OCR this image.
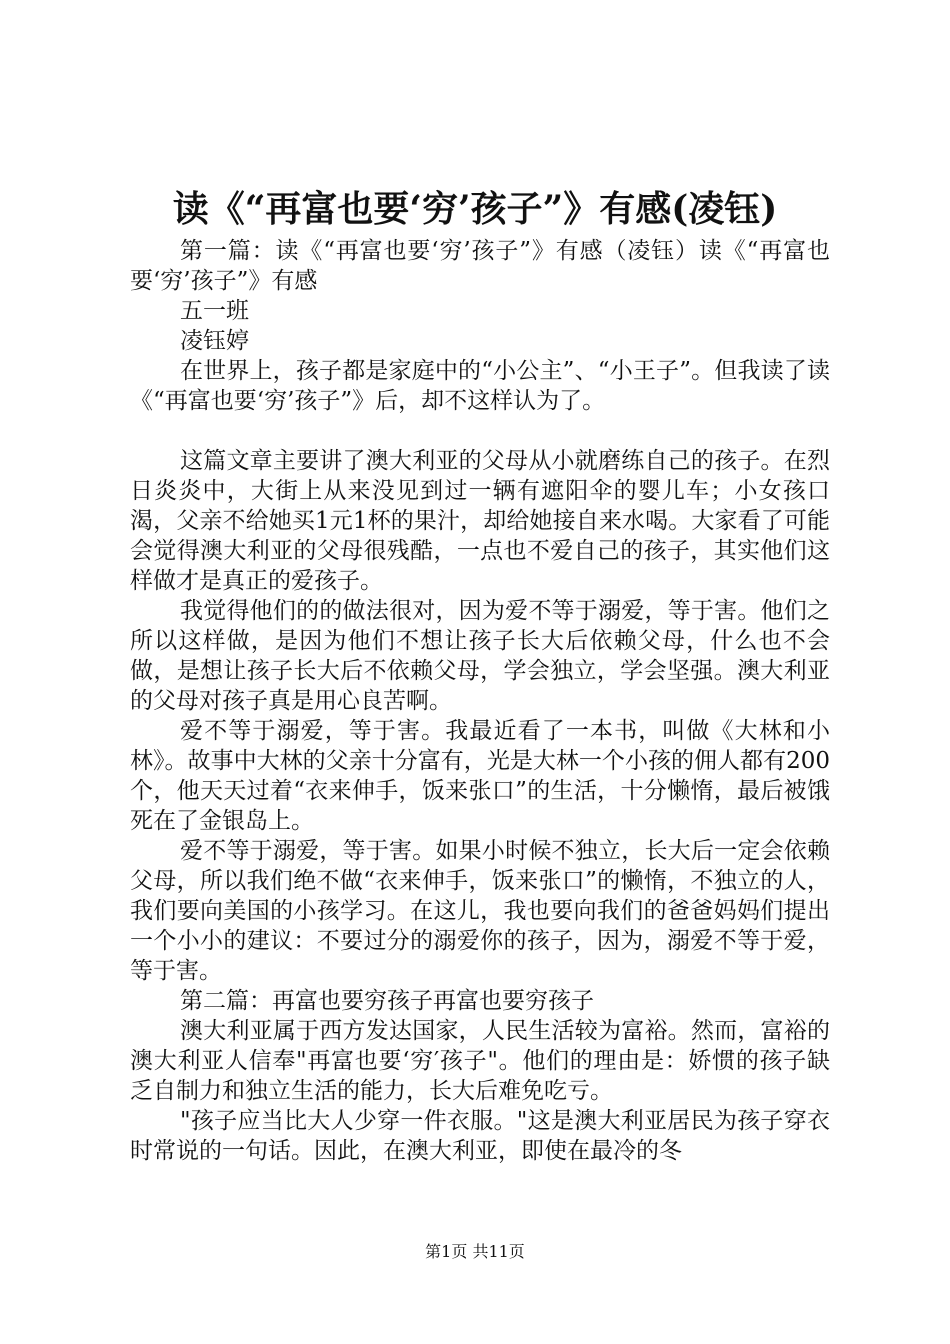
读《“再富也要‘穷’孩子”》有感(凌钰)

第一篇：读《“再富也要‘穷’孩子”》有感（凌钰）读《“再富也要‘穷’孩子”》有感

五一班

凌钰婷

在世界上，孩子都是家庭中的“小公主”、“小王子”。但我读了读《“再富也要‘穷’孩子”》后，却不这样认为了。

这篇文章主要讲了澳大利亚的父母从小就磨练自己的孩子。在烈日炎炎中，大街上从来没见到过一辆有遮阳伞的婴儿车；小女孩口渴，父亲不给她买1元1杯的果汁，却给她接自来水喝。大家看了可能会觉得澳大利亚的父母很残酷，一点也不爱自己的孩子，其实他们这样做才是真正的爱孩子。

我觉得他们的的做法很对，因为爱不等于溺爱，等于害。他们之所以这样做，是因为他们不想让孩子长大后依赖父母，什么也不会做，是想让孩子长大后不依赖父母，学会独立，学会坚强。澳大利亚的父母对孩子真是用心良苦啊。

爱不等于溺爱，等于害。我最近看了一本书，叫做《大林和小林》。故事中大林的父亲十分富有，光是大林一个小孩的佣人都有200个，他天天过着“衣来伸手，饭来张口”的生活，十分懒惰，最后被饿死在了金银岛上。

爱不等于溺爱，等于害。如果小时候不独立，长大后一定会依赖父母，所以我们绝不做“衣来伸手，饭来张口”的懒惰，不独立的人，我们要向美国的小孩学习。在这儿，我也要向我们的爸爸妈妈们提出一个小小的建议：不要过分的溺爱你的孩子，因为，溺爱不等于爱，等于害。

第二篇：再富也要穷孩子再富也要穷孩子

澳大利亚属于西方发达国家，人民生活较为富裕。然而，富裕的澳大利亚人信奉"再富也要‘穷′孩子"。他们的理由是：娇惯的孩子缺乏自制力和独立生活的能力，长大后难免吃亏。

"孩子应当比大人少穿一件衣服。"这是澳大利亚居民为孩子穿衣时常说的一句话。因此，在澳大利亚，即使在最冷的冬

第1页 共11页
